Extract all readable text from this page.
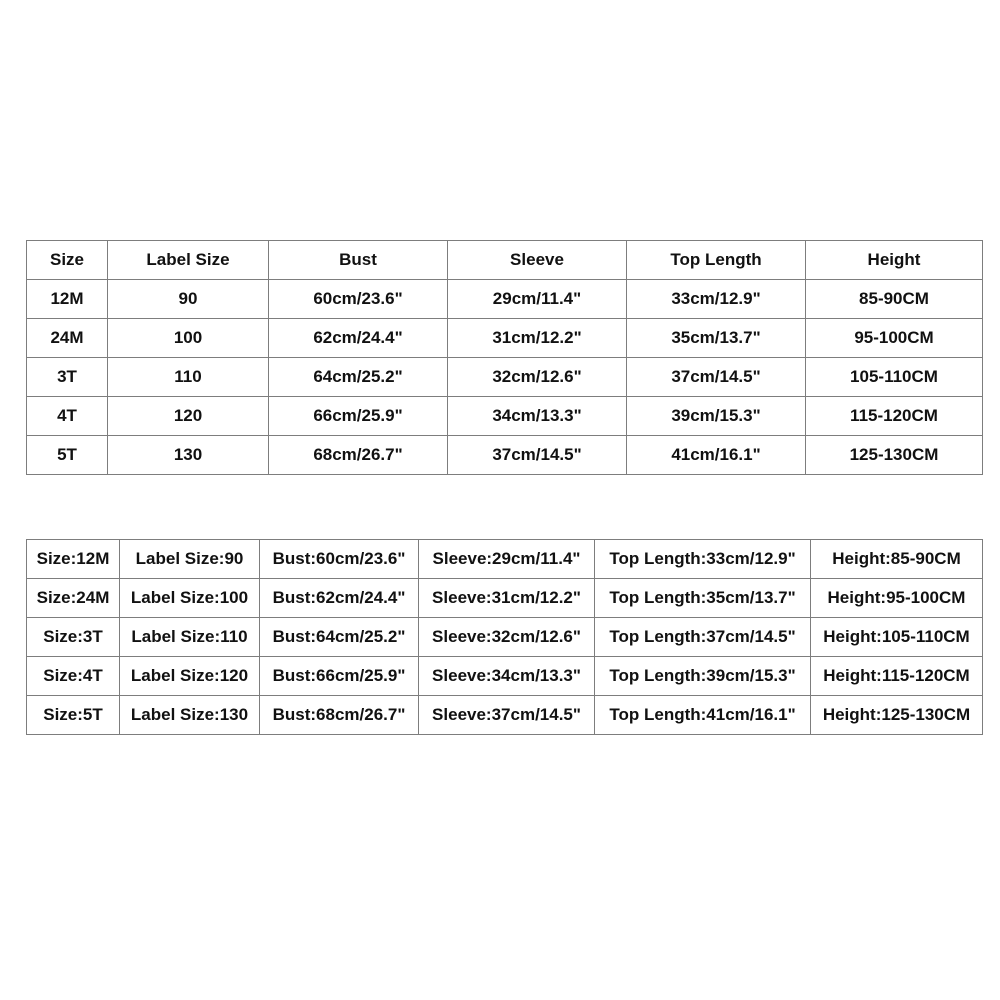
Size	Label Size	Bust	Sleeve	Top Length	Height
12M	90	60cm/23.6"	29cm/11.4"	33cm/12.9"	85-90CM
24M	100	62cm/24.4"	31cm/12.2"	35cm/13.7"	95-100CM
3T	110	64cm/25.2"	32cm/12.6"	37cm/14.5"	105-110CM
4T	120	66cm/25.9"	34cm/13.3"	39cm/15.3"	115-120CM
5T	130	68cm/26.7"	37cm/14.5"	41cm/16.1"	125-130CM
Size:12M	Label Size:90	Bust:60cm/23.6"	Sleeve:29cm/11.4"	Top Length:33cm/12.9"	Height:85-90CM
Size:24M	Label Size:100	Bust:62cm/24.4"	Sleeve:31cm/12.2"	Top Length:35cm/13.7"	Height:95-100CM
Size:3T	Label Size:110	Bust:64cm/25.2"	Sleeve:32cm/12.6"	Top Length:37cm/14.5"	Height:105-110CM
Size:4T	Label Size:120	Bust:66cm/25.9"	Sleeve:34cm/13.3"	Top Length:39cm/15.3"	Height:115-120CM
Size:5T	Label Size:130	Bust:68cm/26.7"	Sleeve:37cm/14.5"	Top Length:41cm/16.1"	Height:125-130CM
